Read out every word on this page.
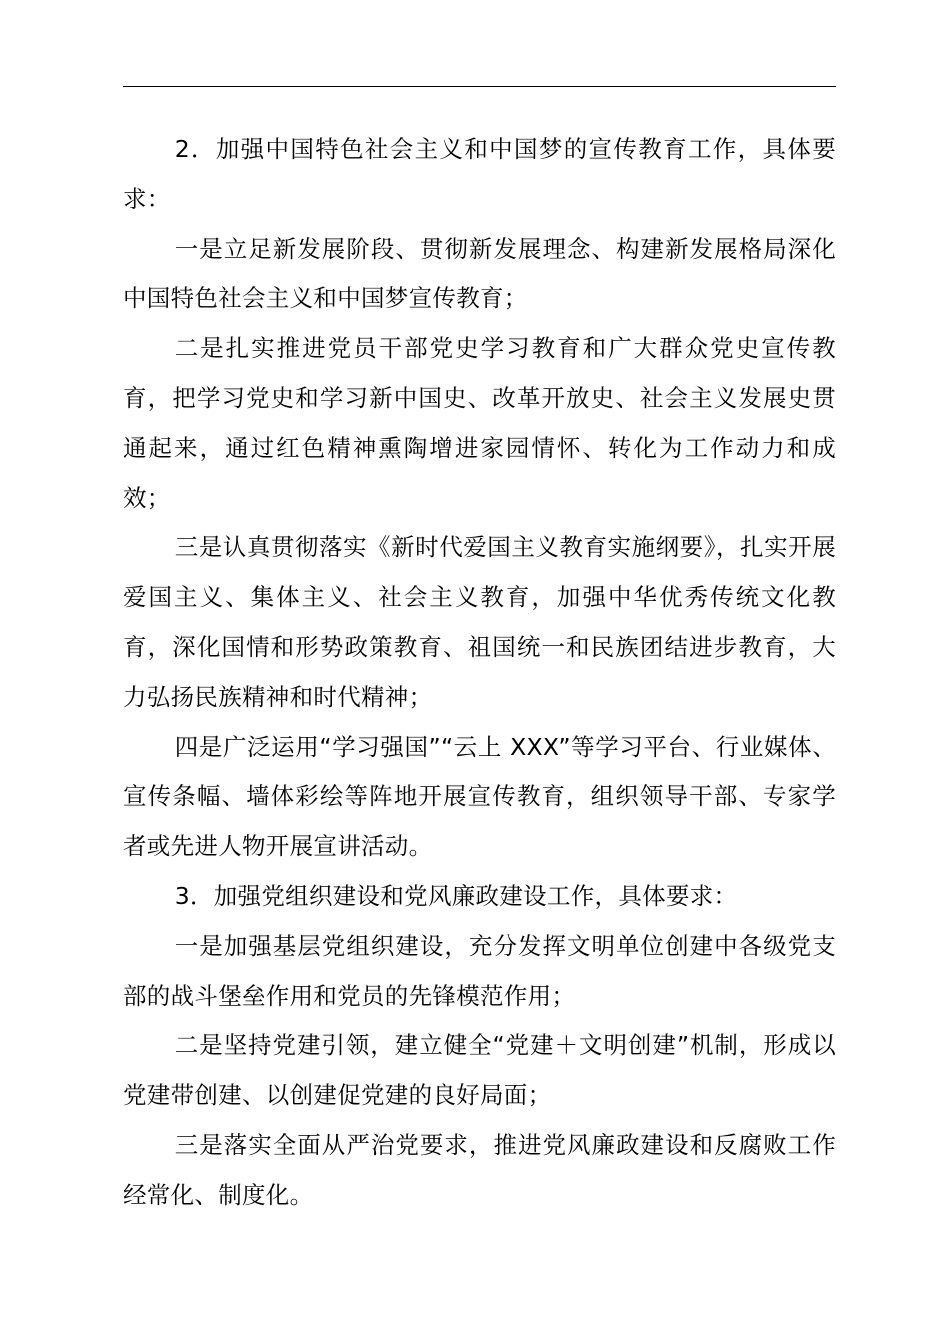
2．加强中国特色社会主义和中国梦的宣传教育工作，具体要求：

一是立足新发展阶段、贯彻新发展理念、构建新发展格局深化中国特色社会主义和中国梦宣传教育；

二是扎实推进党员干部党史学习教育和广大群众党史宣传教育，把学习党史和学习新中国史、改革开放史、社会主义发展史贯通起来，通过红色精神熏陶增进家园情怀、转化为工作动力和成效；

三是认真贯彻落实《新时代爱国主义教育实施纲要》，扎实开展爱国主义、集体主义、社会主义教育，加强中华优秀传统文化教育，深化国情和形势政策教育、祖国统一和民族团结进步教育，大力弘扬民族精神和时代精神；

四是广泛运用“学习强国”“云上 XXX”等学习平台、行业媒体、宣传条幅、墙体彩绘等阵地开展宣传教育，组织领导干部、专家学者或先进人物开展宣讲活动。

3．加强党组织建设和党风廉政建设工作，具体要求：

一是加强基层党组织建设，充分发挥文明单位创建中各级党支部的战斗堡垒作用和党员的先锋模范作用；

二是坚持党建引领，建立健全“党建＋文明创建”机制，形成以党建带创建、以创建促党建的良好局面；

三是落实全面从严治党要求，推进党风廉政建设和反腐败工作经常化、制度化。
